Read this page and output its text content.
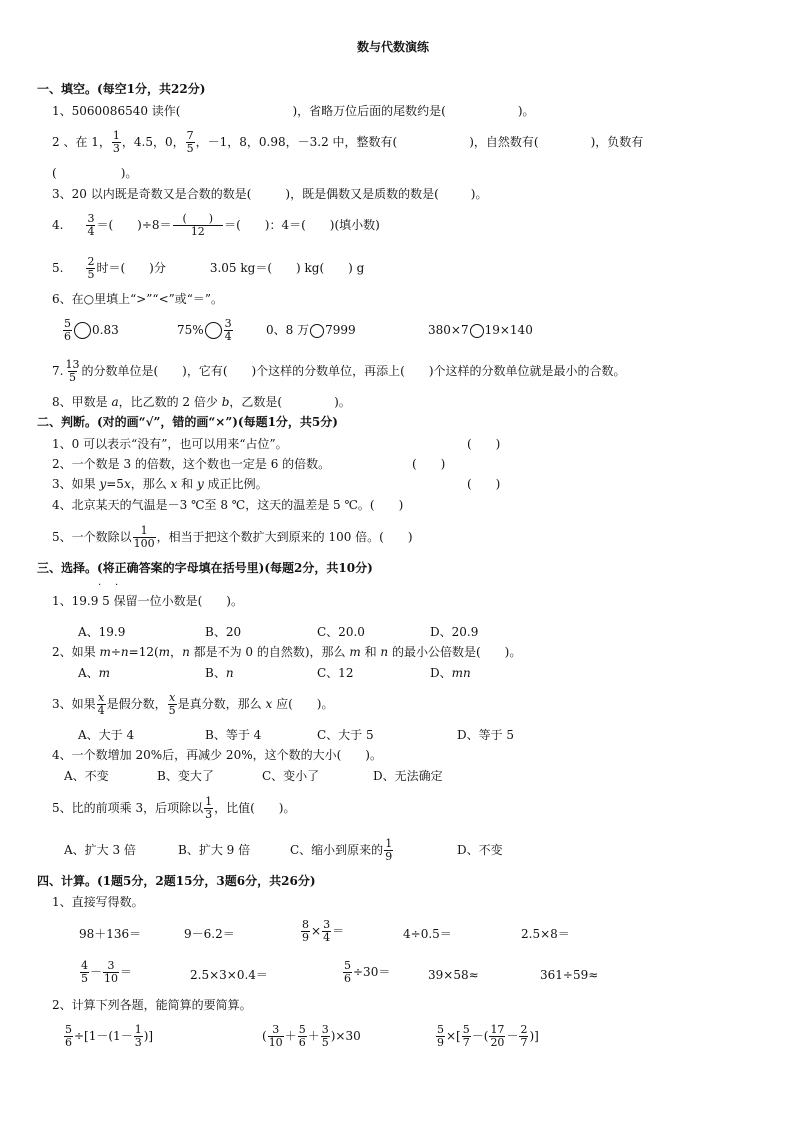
数与代数演练
一、填空。(每空1分，共22分)
1、5060086540 读作(	)，省略万位后面的尾数约是(	)。
2 、在 1， $\frac{1}{3}$ ，4.5，0， $\frac{7}{5}$ ，－1，8，0.98，－3.2 中，整数有(	)，自然数有(	)，负数有
(	)。
3、20 以内既是奇数又是合数的数是(	)，既是偶数又是质数的数是(	)。
4. $\frac{3}{4}$ ＝(　　)$\div 8= \frac{( )}{12}$ ＝(　　)：4＝(　　)(填小数)
5. $\frac{2}{5}$ 时＝(　　)分	3.05 kg＝(　　) kg(　　) g
6、在○里填上“>”“<”或“＝”。
$\frac{5}{6} 0.83$	$75\% \frac{3}{4}$	0、8 万 7999	380×7 19×140
7. $\frac{13}{5}$ 的分数单位是(　　)，它有(　　)个这样的分数单位，再添上(　　)个这样的分数单位就是最小的合数。
8、甲数是 a，比乙数的 2 倍少 b，乙数是(	)。
二、判断。(对的画“√”，错的画“×”)(每题1分，共5分)
1、0 可以表示“没有”，也可以用来“占位”。	(　　)
2、一个数是 3 的倍数，这个数也一定是 6 的倍数。	(　　)
3、如果 y=5x，那么 x 和 y 成正比例。	(　　)
4、北京某天的气温是－3 ℃至 8 ℃，这天的温差是 5 ℃。(　　)
5、一个数除以 $\frac{1}{100}$ ，相当于把这个数扩大到原来的 100 倍。(　　)
三、选择。(将正确答案的字母填在括号里)(每题2分，共10分)
· ·
1、19.9 5 保留一位小数是(　　)。
A、19.9	B、20	C、20.0	D、20.9
2、如果 m÷n=12(m，n 都是不为 0 的自然数)，那么 m 和 n 的最小公倍数是(　　)。
A、m	B、n	C、12	D、mn
3、如果 $\frac{x}{4}$ 是假分数， $\frac{x}{5}$ 是真分数，那么 x 应(　　)。
A、大于 4	B、等于 4	C、大于 5	D、等于 5
4、一个数增加 20%后，再减少 20%，这个数的大小(　　)。
A、不变	B、变大了	C、变小了	D、无法确定
5、比的前项乘 3，后项除以 $\frac{1}{3}$ ，比值(　　)。
A、扩大 3 倍	B、扩大 9 倍	C、缩小到原来的 $\frac{1}{9}$	D、不变
四、计算。(1题5分，2题15分，3题6分，共26分)
1、直接写得数。
98＋136＝	9－6.2＝	$\frac{8}{9} \times \frac{3}{4}$ ＝	4÷0.5＝	2.5×8＝
$\frac{4}{5} - \frac{3}{10}$ ＝	2.5×3×0.4＝	$\frac{5}{6} \div 30=$	39×58≈	361÷59≈
2、计算下列各题，能简算的要简算。
$\frac{5}{6} \div[1-(1- \frac{1}{3}$ )]	( $\frac{3}{10} + \frac{5}{6} + \frac{3}{5} )\times 30$	$\frac{5}{9}$ ×[ $\frac{5}{7}$ －( $\frac{17}{20} - \frac{2}{7}$ )]
